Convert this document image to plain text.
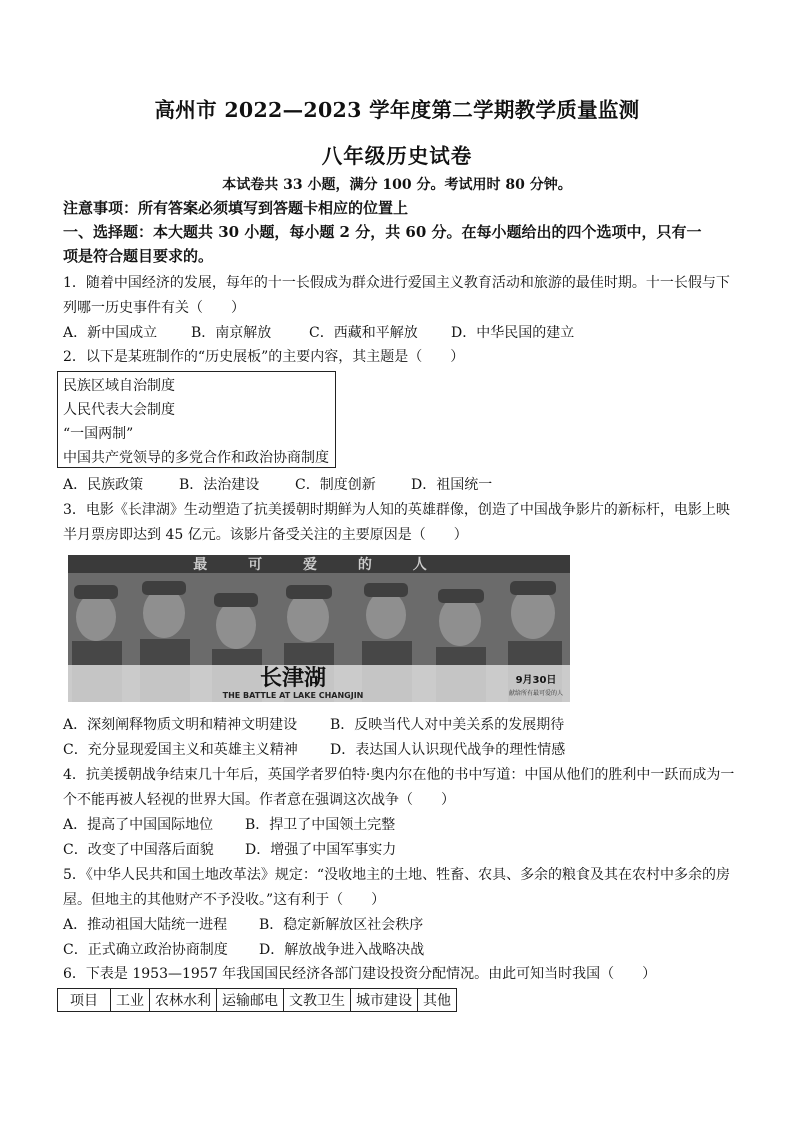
高州市 2022—2023 学年度第二学期教学质量监测
八年级历史试卷
本试卷共 33 小题，满分 100 分。考试用时 80 分钟。
注意事项：所有答案必须填写到答题卡相应的位置上
一、选择题：本大题共 30 小题，每小题 2 分，共 60 分。在每小题给出的四个选项中，只有一
项是符合题目要求的。
1．随着中国经济的发展，每年的十一长假成为群众进行爱国主义教育活动和旅游的最佳时期。十一长假与下
列哪一历史事件有关（　　）
A．新中国成立 B．南京解放	C．西藏和平解放 D．中华民国的建立
2．以下是某班制作的“历史展板”的主要内容，其主题是（　　）
民族区域自治制度
人民代表大会制度
“一国两制”
中国共产党领导的多党合作和政治协商制度
A．民族政策	B．法治建设	C．制度创新	D．祖国统一
3．电影《长津湖》生动塑造了抗美援朝时期鲜为人知的英雄群像，创造了中国战争影片的新标杆，电影上映
半月票房即达到 45 亿元。该影片备受关注的主要原因是（　　）
最 可 爱 的 人
长津湖
THE BATTLE AT LAKE CHANGJIN
9月30日
献给所有最可爱的人
A．深刻阐释物质文明和精神文明建设 B．反映当代人对中美关系的发展期待
C．充分显现爱国主义和英雄主义精神 D．表达国人认识现代战争的理性情感
4．抗美援朝战争结束几十年后，英国学者罗伯特·奥内尔在他的书中写道：中国从他们的胜利中一跃而成为一
个不能再被人轻视的世界大国。作者意在强调这次战争（　　）
A．提高了中国国际地位 B．捍卫了中国领土完整
C．改变了中国落后面貌 D．增强了中国军事实力
5．《中华人民共和国土地改革法》规定：“没收地主的土地、牲畜、农具、多余的粮食及其在农村中多余的房
屋。但地主的其他财产不予没收。”这有利于（　　）
A．推动祖国大陆统一进程 B．稳定新解放区社会秩序
C．正式确立政治协商制度 D．解放战争进入战略决战
6．下表是 1953—1957 年我国国民经济各部门建设投资分配情况。由此可知当时我国（　　）
项目	工业	农林水利	运输邮电	文教卫生	城市建设	其他
